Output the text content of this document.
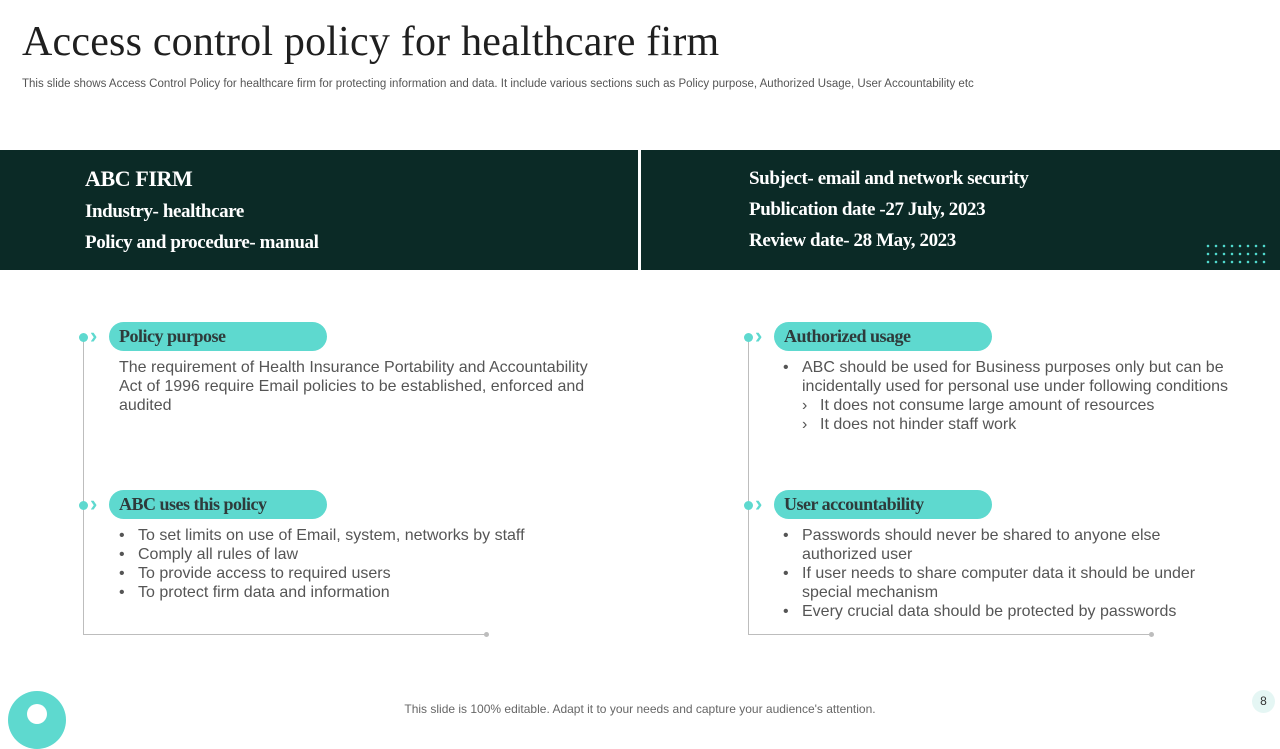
Access control policy for healthcare firm
This slide shows Access Control Policy for healthcare firm for protecting information and data. It include various sections such as Policy purpose, Authorized Usage, User Accountability etc
ABC FIRM
Industry- healthcare
Policy and procedure- manual
Subject- email and network security
Publication date -27 July, 2023
Review date- 28 May, 2023
›	Policy purpose

The requirement of Health Insurance Portability and Accountability Act of 1996 require Email policies to be established, enforced and audited

›	ABC uses this policy
• To set limits on use of Email, system, networks by staff
• Comply all rules of law
• To provide access to required users
• To protect firm data and information
›	Authorized usage
• ABC should be used for Business purposes only but can be incidentally used for personal use under following conditions
› It does not consume large amount of resources
› It does not hinder staff work
›	User accountability
• Passwords should never be shared to anyone else authorized user
• If user needs to share computer data it should be under special mechanism
• Every crucial data should be protected by passwords
This slide is 100% editable. Adapt it to your needs and capture your audience's attention.
8
